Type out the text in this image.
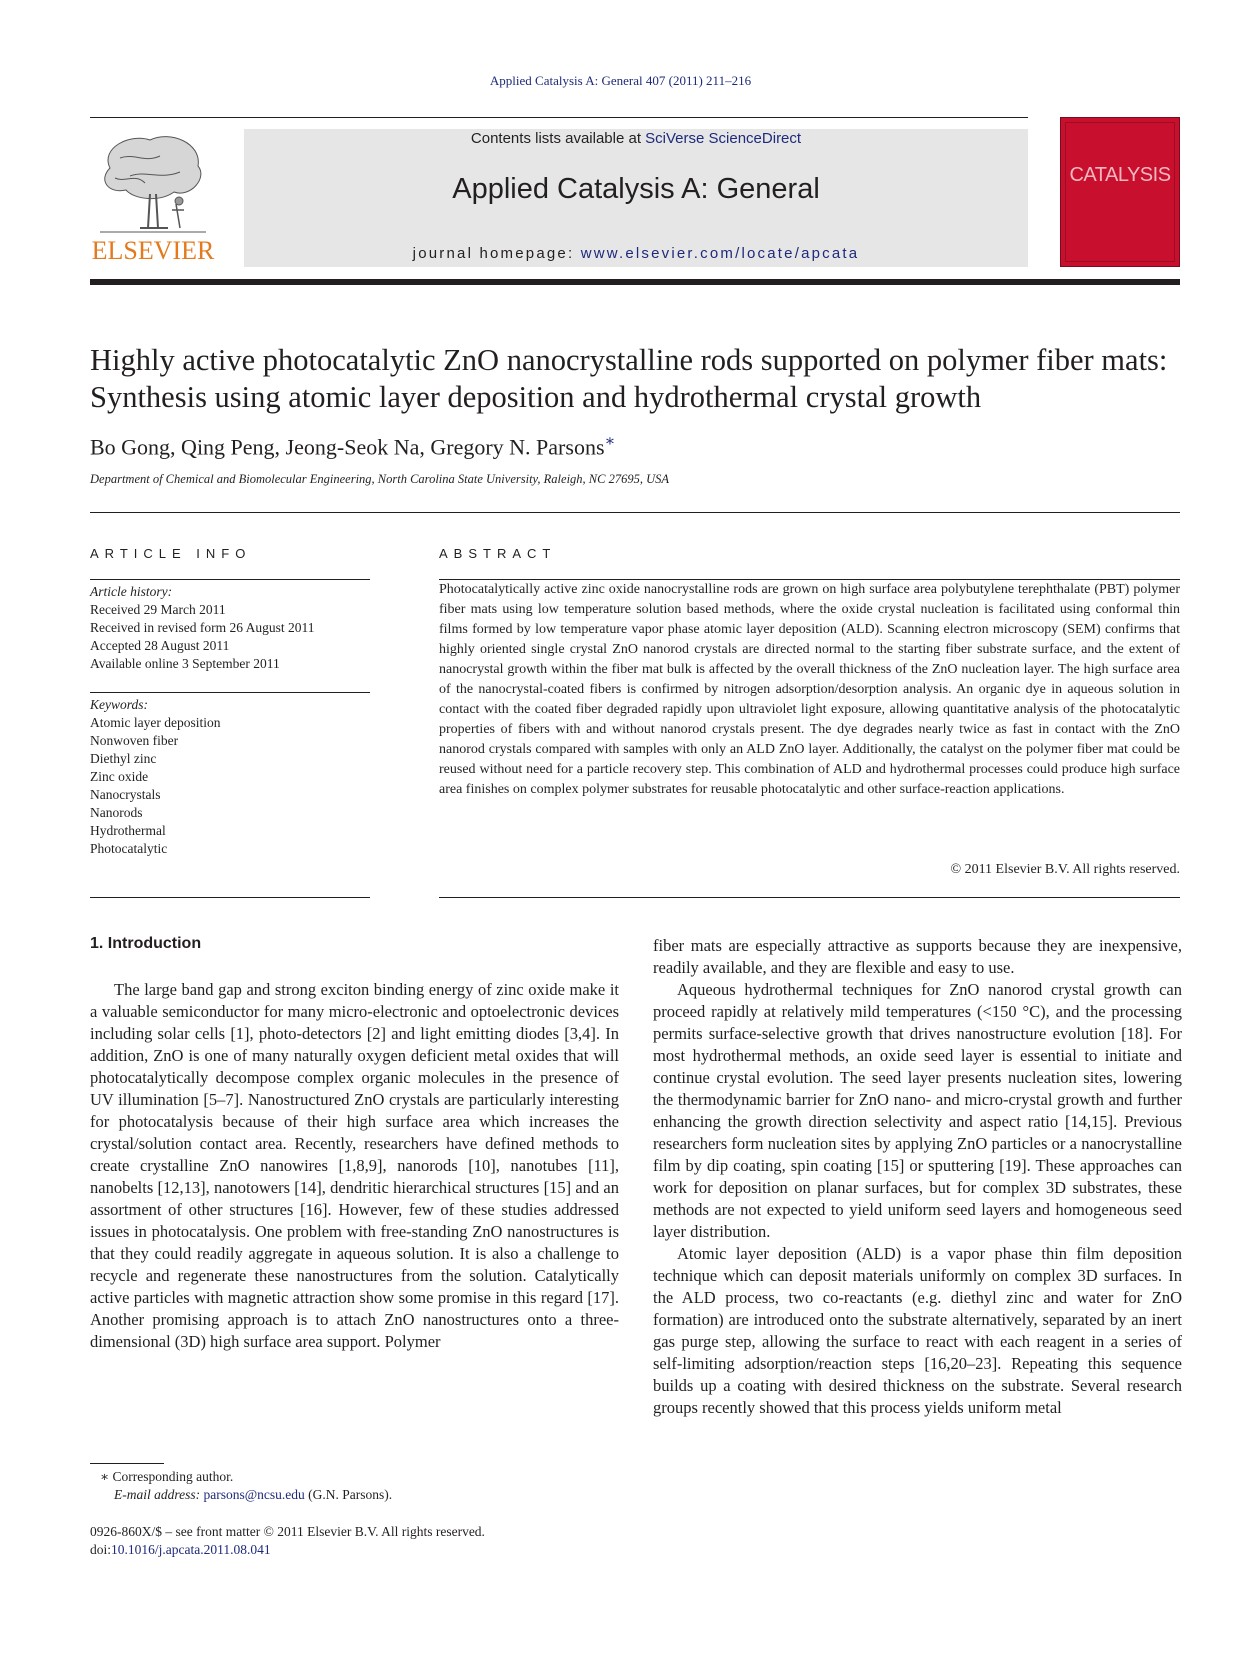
Applied Catalysis A: General 407 (2011) 211–216
ELSEVIER
Contents lists available at SciVerse ScienceDirect
Applied Catalysis A: General
journal homepage: www.elsevier.com/locate/apcata
CATALYSIS
Highly active photocatalytic ZnO nanocrystalline rods supported on polymer fiber mats: Synthesis using atomic layer deposition and hydrothermal crystal growth
Bo Gong, Qing Peng, Jeong-Seok Na, Gregory N. Parsons∗
Department of Chemical and Biomolecular Engineering, North Carolina State University, Raleigh, NC 27695, USA
ARTICLE INFO
Article history:
Received 29 March 2011
Received in revised form 26 August 2011
Accepted 28 August 2011
Available online 3 September 2011
Keywords:
Atomic layer deposition
Nonwoven fiber
Diethyl zinc
Zinc oxide
Nanocrystals
Nanorods
Hydrothermal
Photocatalytic
ABSTRACT
Photocatalytically active zinc oxide nanocrystalline rods are grown on high surface area polybutylene terephthalate (PBT) polymer fiber mats using low temperature solution based methods, where the oxide crystal nucleation is facilitated using conformal thin films formed by low temperature vapor phase atomic layer deposition (ALD). Scanning electron microscopy (SEM) confirms that highly oriented single crystal ZnO nanorod crystals are directed normal to the starting fiber substrate surface, and the extent of nanocrystal growth within the fiber mat bulk is affected by the overall thickness of the ZnO nucleation layer. The high surface area of the nanocrystal-coated fibers is confirmed by nitrogen adsorption/desorption analysis. An organic dye in aqueous solution in contact with the coated fiber degraded rapidly upon ultraviolet light exposure, allowing quantitative analysis of the photocatalytic properties of fibers with and without nanorod crystals present. The dye degrades nearly twice as fast in contact with the ZnO nanorod crystals compared with samples with only an ALD ZnO layer. Additionally, the catalyst on the polymer fiber mat could be reused without need for a particle recovery step. This combination of ALD and hydrothermal processes could produce high surface area finishes on complex polymer substrates for reusable photocatalytic and other surface-reaction applications.
© 2011 Elsevier B.V. All rights reserved.
1. Introduction

The large band gap and strong exciton binding energy of zinc oxide make it a valuable semiconductor for many micro-electronic and optoelectronic devices including solar cells [1], photo-detectors [2] and light emitting diodes [3,4]. In addition, ZnO is one of many naturally oxygen deficient metal oxides that will photocatalytically decompose complex organic molecules in the presence of UV illumination [5–7]. Nanostructured ZnO crystals are particularly interesting for photocatalysis because of their high surface area which increases the crystal/solution contact area. Recently, researchers have defined methods to create crystalline ZnO nanowires [1,8,9], nanorods [10], nanotubes [11], nanobelts [12,13], nanotowers [14], dendritic hierarchical structures [15] and an assortment of other structures [16]. However, few of these studies addressed issues in photocatalysis. One problem with free-standing ZnO nanostructures is that they could readily aggregate in aqueous solution. It is also a challenge to recycle and regenerate these nanostructures from the solution. Catalytically active particles with magnetic attraction show some promise in this regard [17]. Another promising approach is to attach ZnO nanostructures onto a three-dimensional (3D) high surface area support. Polymer

fiber mats are especially attractive as supports because they are inexpensive, readily available, and they are flexible and easy to use.

Aqueous hydrothermal techniques for ZnO nanorod crystal growth can proceed rapidly at relatively mild temperatures (<150 °C), and the processing permits surface-selective growth that drives nanostructure evolution [18]. For most hydrothermal methods, an oxide seed layer is essential to initiate and continue crystal evolution. The seed layer presents nucleation sites, lowering the thermodynamic barrier for ZnO nano- and micro-crystal growth and further enhancing the growth direction selectivity and aspect ratio [14,15]. Previous researchers form nucleation sites by applying ZnO particles or a nanocrystalline film by dip coating, spin coating [15] or sputtering [19]. These approaches can work for deposition on planar surfaces, but for complex 3D substrates, these methods are not expected to yield uniform seed layers and homogeneous seed layer distribution.

Atomic layer deposition (ALD) is a vapor phase thin film deposition technique which can deposit materials uniformly on complex 3D surfaces. In the ALD process, two co-reactants (e.g. diethyl zinc and water for ZnO formation) are introduced onto the substrate alternatively, separated by an inert gas purge step, allowing the surface to react with each reagent in a series of self-limiting adsorption/reaction steps [16,20–23]. Repeating this sequence builds up a coating with desired thickness on the substrate. Several research groups recently showed that this process yields uniform metal

∗ Corresponding author.
E-mail address: parsons@ncsu.edu (G.N. Parsons).
0926-860X/$ – see front matter © 2011 Elsevier B.V. All rights reserved.
doi:10.1016/j.apcata.2011.08.041
